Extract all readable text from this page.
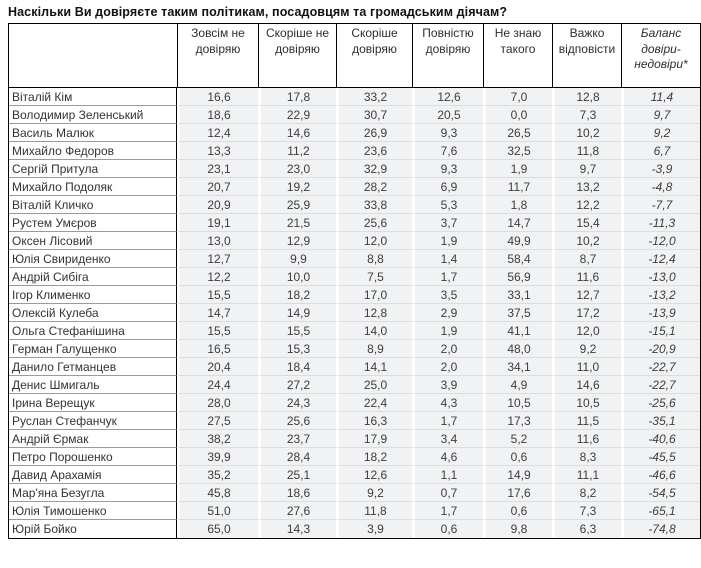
Наскільки Ви довіряєте таким політикам, посадовцям та громадським діячам?
	Зовсім не довіряю	Скоріше не довіряю	Скоріше довіряю	Повністю довіряю	Не знаю такого	Важко відповісти	Баланс довіри-недовіри*
Віталій Кім	16,6	17,8	33,2	12,6	7,0	12,8	11,4
Володимир Зеленський	18,6	22,9	30,7	20,5	0,0	7,3	9,7
Василь Малюк	12,4	14,6	26,9	9,3	26,5	10,2	9,2
Михайло Федоров	13,3	11,2	23,6	7,6	32,5	11,8	6,7
Сергій Притула	23,1	23,0	32,9	9,3	1,9	9,7	-3,9
Михайло Подоляк	20,7	19,2	28,2	6,9	11,7	13,2	-4,8
Віталій Кличко	20,9	25,9	33,8	5,3	1,8	12,2	-7,7
Рустем Умєров	19,1	21,5	25,6	3,7	14,7	15,4	-11,3
Оксен Лісовий	13,0	12,9	12,0	1,9	49,9	10,2	-12,0
Юлія Свириденко	12,7	9,9	8,8	1,4	58,4	8,7	-12,4
Андрій Сибіга	12,2	10,0	7,5	1,7	56,9	11,6	-13,0
Ігор Клименко	15,5	18,2	17,0	3,5	33,1	12,7	-13,2
Олексій Кулеба	14,7	14,9	12,8	2,9	37,5	17,2	-13,9
Ольга Стефанішина	15,5	15,5	14,0	1,9	41,1	12,0	-15,1
Герман Галущенко	16,5	15,3	8,9	2,0	48,0	9,2	-20,9
Данило Гетманцев	20,4	18,4	14,1	2,0	34,1	11,0	-22,7
Денис Шмигаль	24,4	27,2	25,0	3,9	4,9	14,6	-22,7
Ірина Верещук	28,0	24,3	22,4	4,3	10,5	10,5	-25,6
Руслан Стефанчук	27,5	25,6	16,3	1,7	17,3	11,5	-35,1
Андрій Єрмак	38,2	23,7	17,9	3,4	5,2	11,6	-40,6
Петро Порошенко	39,9	28,4	18,2	4,6	0,6	8,3	-45,5
Давид Арахамія	35,2	25,1	12,6	1,1	14,9	11,1	-46,6
Мар'яна Безугла	45,8	18,6	9,2	0,7	17,6	8,2	-54,5
Юлія Тимошенко	51,0	27,6	11,8	1,7	0,6	7,3	-65,1
Юрій Бойко	65,0	14,3	3,9	0,6	9,8	6,3	-74,8
